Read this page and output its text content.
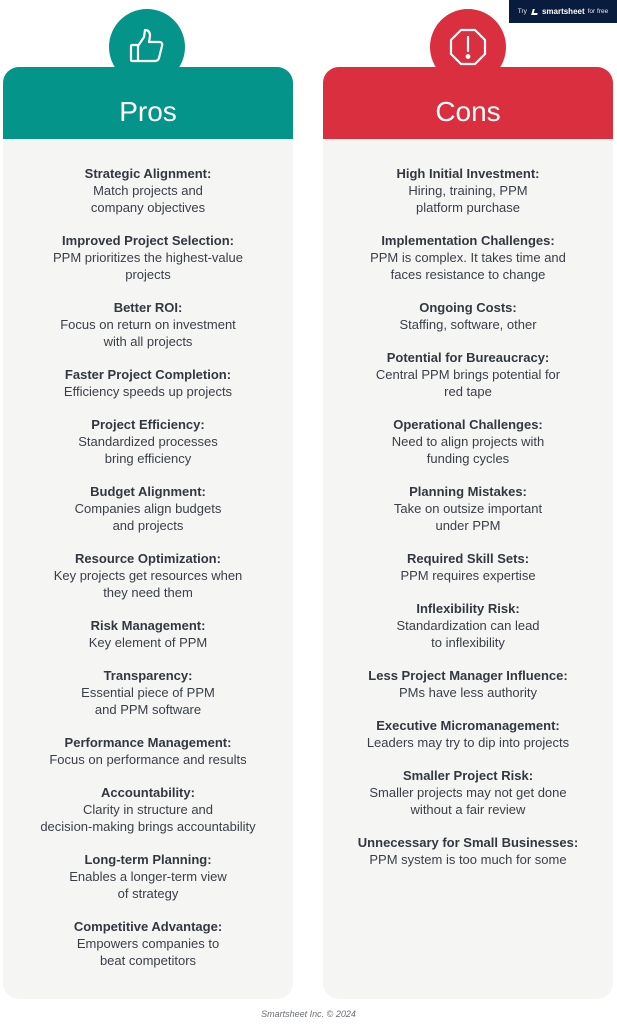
Try smartsheet for free
Pros
Strategic Alignment:
Match projects and
company objectives
Improved Project Selection:
PPM prioritizes the highest-value
projects
Better ROI:
Focus on return on investment
with all projects
Faster Project Completion:
Efficiency speeds up projects
Project Efficiency:
Standardized processes
bring efficiency
Budget Alignment:
Companies align budgets
and projects
Resource Optimization:
Key projects get resources when
they need them
Risk Management:
Key element of PPM
Transparency:
Essential piece of PPM
and PPM software
Performance Management:
Focus on performance and results
Accountability:
Clarity in structure and
decision-making brings accountability
Long-term Planning:
Enables a longer-term view
of strategy
Competitive Advantage:
Empowers companies to
beat competitors
Cons
High Initial Investment:
Hiring, training, PPM
platform purchase
Implementation Challenges:
PPM is complex. It takes time and
faces resistance to change
Ongoing Costs:
Staffing, software, other
Potential for Bureaucracy:
Central PPM brings potential for
red tape
Operational Challenges:
Need to align projects with
funding cycles
Planning Mistakes:
Take on outsize important
under PPM
Required Skill Sets:
PPM requires expertise
Inflexibility Risk:
Standardization can lead
to inflexibility
Less Project Manager Influence:
PMs have less authority
Executive Micromanagement:
Leaders may try to dip into projects
Smaller Project Risk:
Smaller projects may not get done
without a fair review
Unnecessary for Small Businesses:
PPM system is too much for some
Smartsheet Inc. © 2024
